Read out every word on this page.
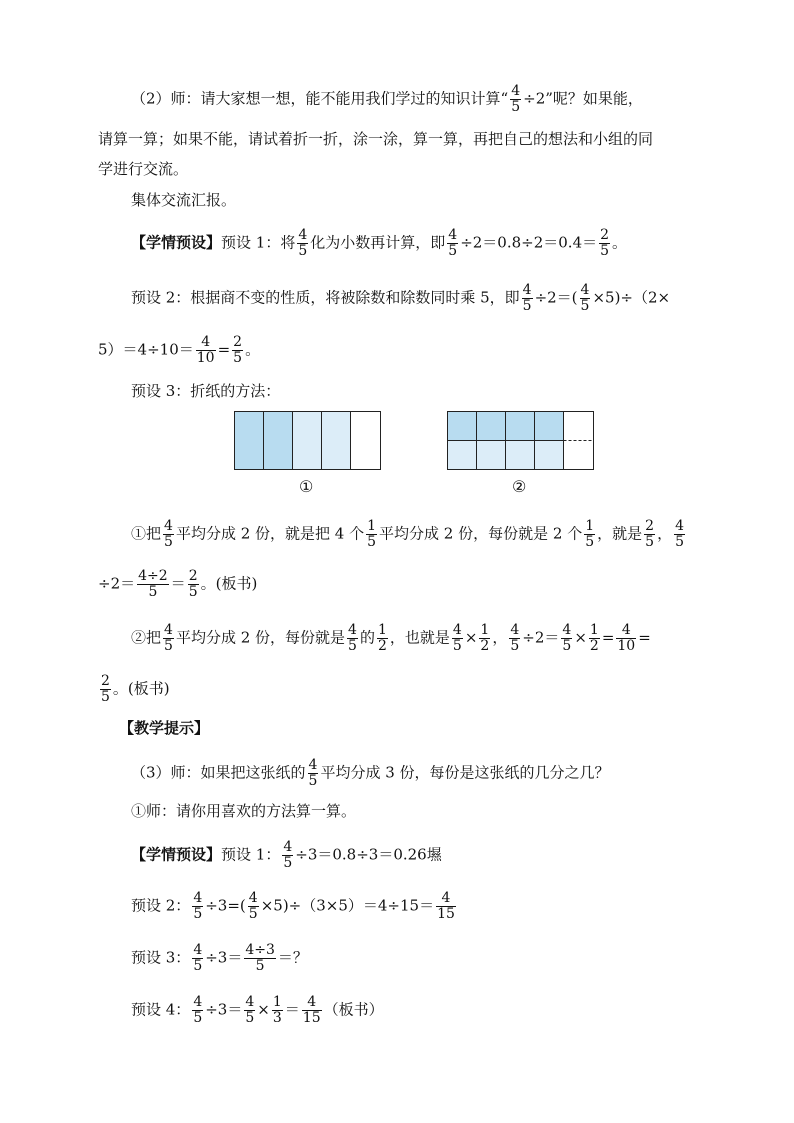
（2）师：请大家想一想，能不能用我们学过的知识计算“ $\frac{4}{5} \div 2$”呢？如果能，
请算一算；如果不能，请试着折一折，涂一涂，算一算，再把自己的想法和小组的同
学进行交流。
集体交流汇报。
【学情预设】预设 1：将 $\frac{4}{5}$ 化为小数再计算，即 $\frac{4}{5} \div 2=0.8\div 2=0.4= \frac{2}{5}$ 。
预设 2：根据商不变的性质，将被除数和除数同时乘 5，即 $\frac{4}{5} \div 2=( \frac{4}{5} \times 5)\div(2\times$
$5)=4\div 10= \frac{4}{10} = \frac{2}{5}$ 。
预设 3：折纸的方法：
①	②
①把 $\frac{4}{5}$ 平均分成 2 份，就是把 4 个 $\frac{1}{5}$ 平均分成 2 份，每份就是 2 个 $\frac{1}{5}$ ，就是 $\frac{2}{5}$ ， $\frac{4}{5}$
$\div 2= \frac{4\div 2}{5} = \frac{2}{5}$ 。(板书)
②把 $\frac{4}{5}$ 平均分成 2 份，每份就是 $\frac{4}{5}$ 的 $\frac{1}{2}$ ，也就是 $\frac{4}{5} \times \frac{1}{2}$ ， $\frac{4}{5} \div 2= \frac{4}{5} \times \frac{1}{2} = \frac{4}{10}$ =
$\frac{2}{5}$ 。(板书)
【教学提示】
（3）师：如果把这张纸的 $\frac{4}{5}$ 平均分成 3 份，每份是这张纸的几分之几？
①师：请你用喜欢的方法算一算。
【学情预设】预设 1： $\frac{4}{5} \div 3=0.8\div 3=0.26$㙷
预设 2： $\frac{4}{5} \div 3=( \frac{4}{5} \times 5)\div(3\times 5)=4\div 15= \frac{4}{15}$
预设 3： $\frac{4}{5} \div 3= \frac{4\div 3}{5}$ ＝？
预设 4： $\frac{4}{5} \div 3= \frac{4}{5} \times \frac{1}{3} = \frac{4}{15}$ （板书）
